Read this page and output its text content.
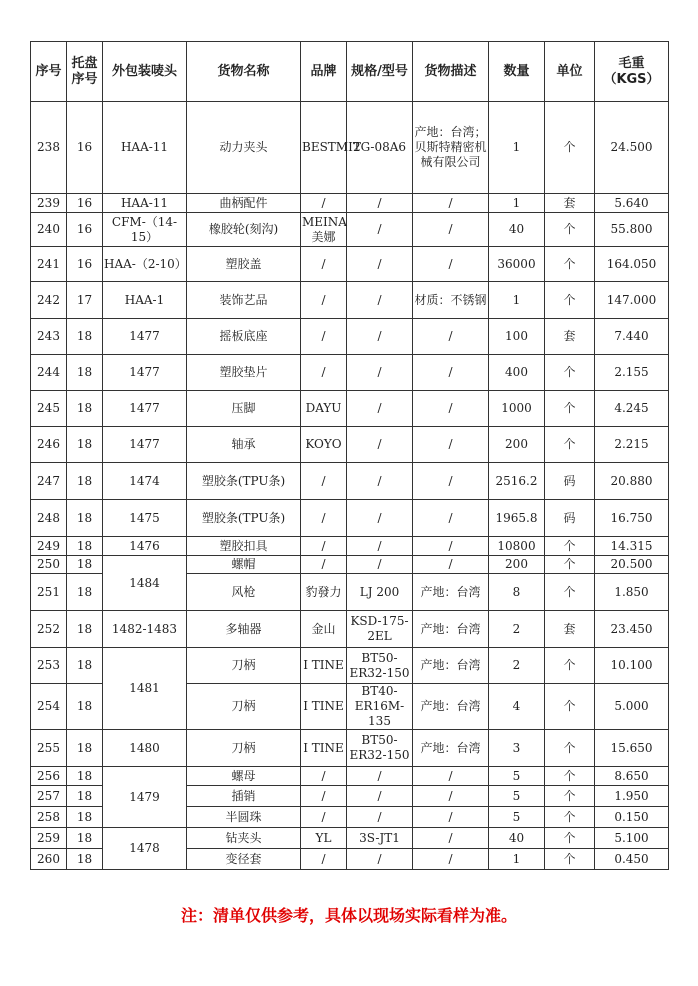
序号	托盘序号	外包装唛头	货物名称	品牌	规格/型号	货物描述	数量	单位	毛重（KGS）
238	16	HAA-11	动力夹头	BESTMIT	2G-08A6	产地：台湾；贝斯特精密机械有限公司	1	个	24.500
239	16	HAA-11	曲柄配件	/	/	/	1	套	5.640
240	16	CFM-（14-15）	橡胶轮(刻沟)	MEINA美娜	/	/	40	个	55.800
241	16	HAA-（2-10）	塑胶盖	/	/	/	36000	个	164.050
242	17	HAA-1	装饰艺品	/	/	材质：不锈钢	1	个	147.000
243	18	1477	摇板底座	/	/	/	100	套	7.440
244	18	1477	塑胶垫片	/	/	/	400	个	2.155
245	18	1477	压脚	DAYU	/	/	1000	个	4.245
246	18	1477	轴承	KOYO	/	/	200	个	2.215
247	18	1474	塑胶条(TPU条)	/	/	/	2516.2	码	20.880
248	18	1475	塑胶条(TPU条)	/	/	/	1965.8	码	16.750
249	18	1476	塑胶扣具	/	/	/	10800	个	14.315
250	18	1484	螺帽	/	/	/	200	个	20.500
251	18		风枪	豹發力	LJ 200	产地：台湾	8	个	1.850
252	18	1482-1483	多轴器	金山	KSD-175-2EL	产地：台湾	2	套	23.450
253	18	1481	刀柄	I TINE	BT50-ER32-150	产地：台湾	2	个	10.100
254	18		刀柄	I TINE	BT40-ER16M-135	产地：台湾	4	个	5.000
255	18	1480	刀柄	I TINE	BT50-ER32-150	产地：台湾	3	个	15.650
256	18	1479	螺母	/	/	/	5	个	8.650
257	18		插销	/	/	/	5	个	1.950
258	18		半圆珠	/	/	/	5	个	0.150
259	18	1478	钻夹头	YL	3S-JT1	/	40	个	5.100
260	18		变径套	/	/	/	1	个	0.450
注：清单仅供参考，具体以现场实际看样为准。
